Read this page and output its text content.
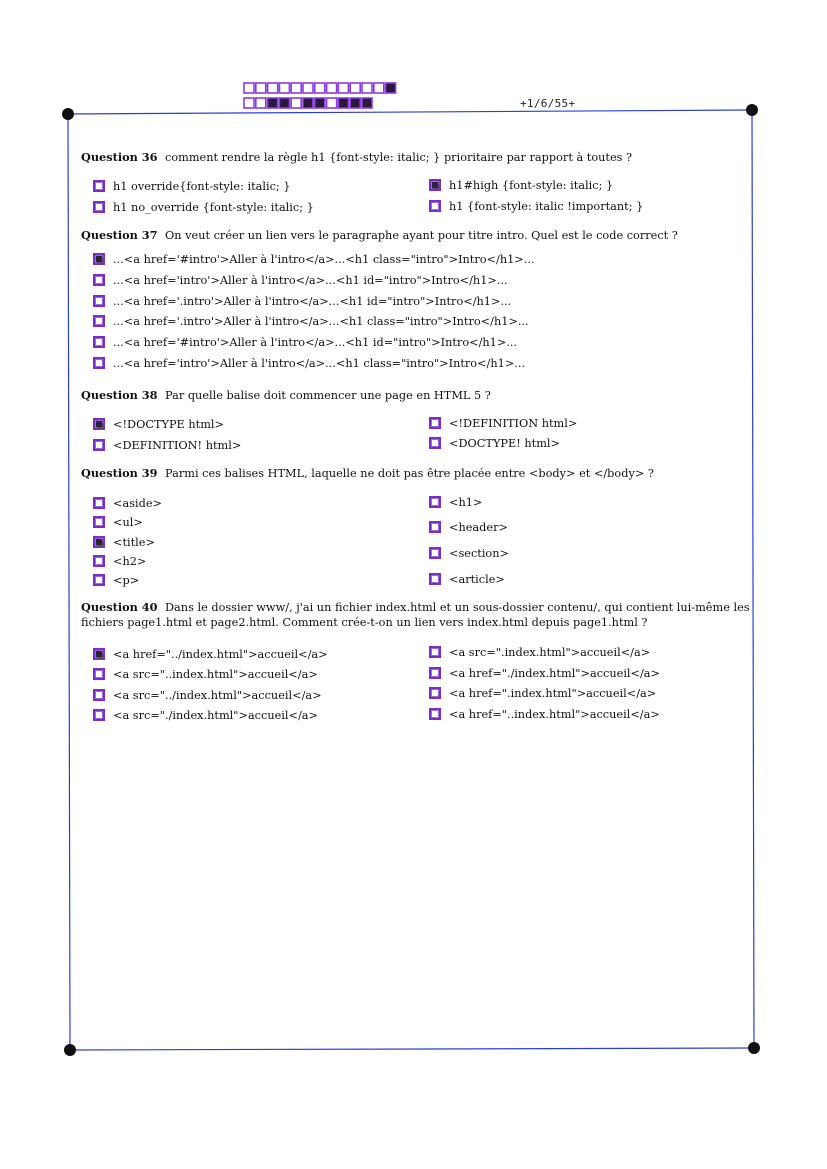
+1/6/55+
Question 36 comment rendre la règle h1 {font-style: italic; } prioritaire par rapport à toutes ?
h1 override{font-style: italic; }
h1 no_override {font-style: italic; }
h1#high {font-style: italic; }
h1 {font-style: italic !important; }
Question 37 On veut créer un lien vers le paragraphe ayant pour titre intro. Quel est le code correct ?
...<a href='#intro'>Aller à l'intro</a>...<h1 class="intro">Intro</h1>...
...<a href='intro'>Aller à l'intro</a>...<h1 id="intro">Intro</h1>...
...<a href='.intro'>Aller à l'intro</a>...<h1 id="intro">Intro</h1>...
...<a href='.intro'>Aller à l'intro</a>...<h1 class="intro">Intro</h1>...
...<a href='#intro'>Aller à l'intro</a>...<h1 id="intro">Intro</h1>...
...<a href='intro'>Aller à l'intro</a>...<h1 class="intro">Intro</h1>...
Question 38 Par quelle balise doit commencer une page en HTML 5 ?
<!DOCTYPE html>
<DEFINITION! html>
<!DEFINITION html>
<DOCTYPE! html>
Question 39 Parmi ces balises HTML, laquelle ne doit pas être placée entre <body> et </body> ?
<aside>
<ul>
<title>
<h2>
<p>
<h1>
<header>
<section>
<article>
Question 40 Dans le dossier www/, j'ai un fichier index.html et un sous-dossier contenu/, qui contient lui-même les fichiers page1.html et page2.html. Comment crée-t-on un lien vers index.html depuis page1.html ?
<a href="../index.html">accueil</a>
<a src="..index.html">accueil</a>
<a src="../index.html">accueil</a>
<a src="./index.html">accueil</a>
<a src=".index.html">accueil</a>
<a href="./index.html">accueil</a>
<a href=".index.html">accueil</a>
<a href="..index.html">accueil</a>
